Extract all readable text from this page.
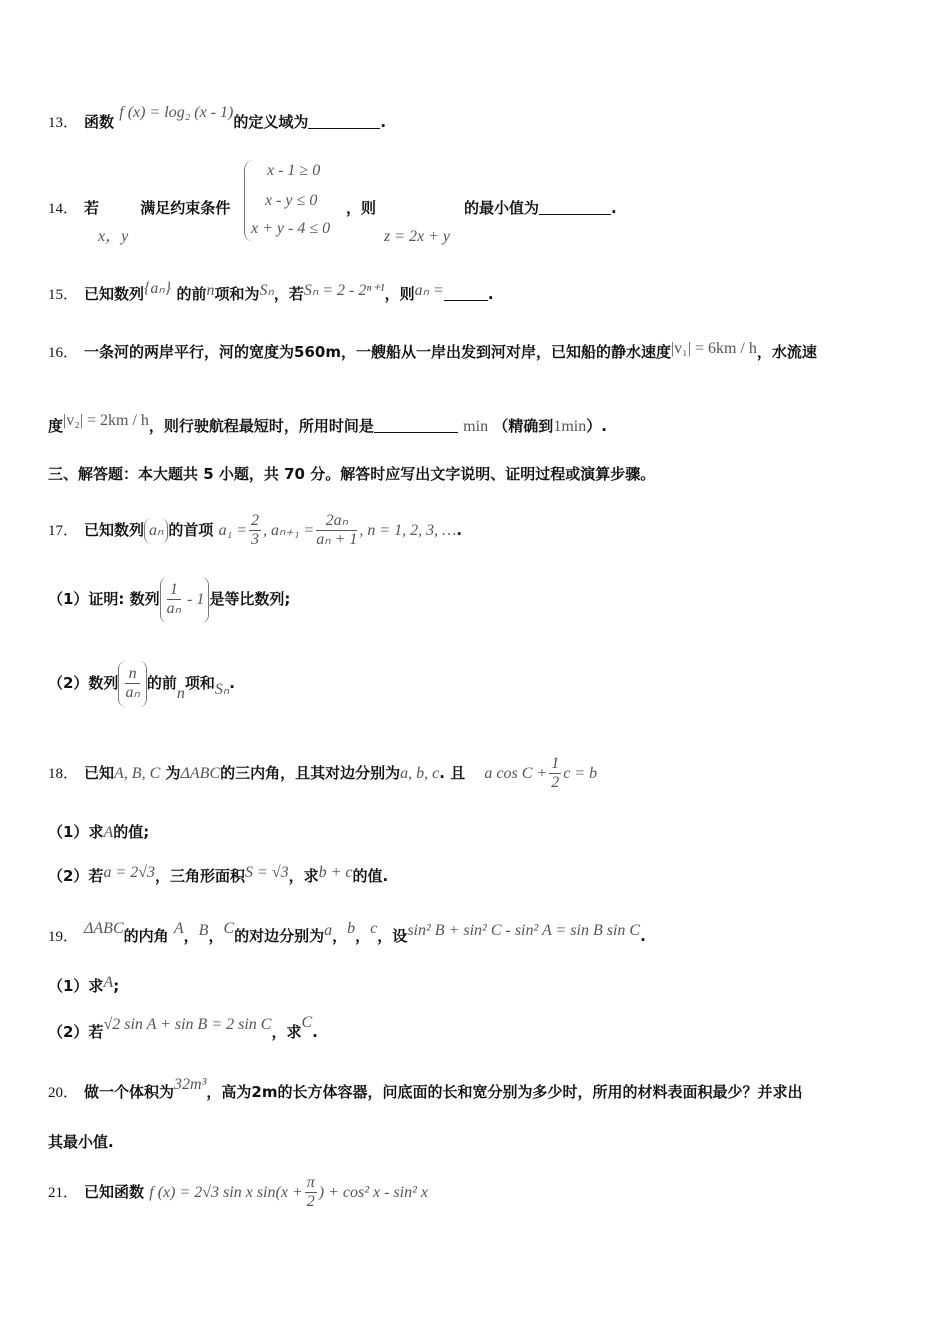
13． 函数 f (x) = log₂ (x - 1)的定义域为	.
14． 若	满足约束条件
x，y
x - 1 ≥ 0
x - y ≤ 0
x + y - 4 ≤ 0
，则
z = 2x + y
的最小值为	.
15． 已知数列{aₙ} 的前n项和为Sₙ，若Sₙ = 2 - 2ⁿ⁺¹，则aₙ =	.
16． 一条河的两岸平行，河的宽度为560m，一艘船从一岸出发到河对岸，已知船的静水速度|v₁| = 6km / h，水流速
度|v₂| = 2km / h，则行驶航程最短时，所用时间是	min （精确到1min）.
三、解答题：本大题共 5 小题，共 70 分。解答时应写出文字说明、证明过程或演算步骤。
17． 已知数列 aₙ 的首项 $a_1 = \frac{2}{3}$ , $a_{n+1} = \frac{\text{2aₙ}}{\text{aₙ + 1}}$ , n = 1, 2, 3, ….
（1）证明: 数列 $\frac{1}{\text{aₙ}} - 1$ 是等比数列;
（2）数列 $\frac{n}{\text{aₙ}}$ 的前n项和Sₙ.
18． 已知A, B, C 为ΔABC的三内角，且其对边分别为a, b, c. 且 a $\cos C + \frac{1}{2}$ c = b
（1）求A的值;
（2）若a = 2√3，三角形面积S = √3，求b + c的值.
19． ΔABC的内角 A，B，C的对边分别为a，b，c，设sin² B + sin² C - sin² A = sin B sin C.
（1）求A;
（2）若√2 sin A + sin B = 2 sin C，求C.
20． 做一个体积为32m³，高为2m的长方体容器，问底面的长和宽分别为多少时，所用的材料表面积最少？并求出
其最小值.
21． 已知函数 f (x) = 2√3 sin x $\sin(x + \frac{\pi}{2}$ ) + cos² x - sin² x
